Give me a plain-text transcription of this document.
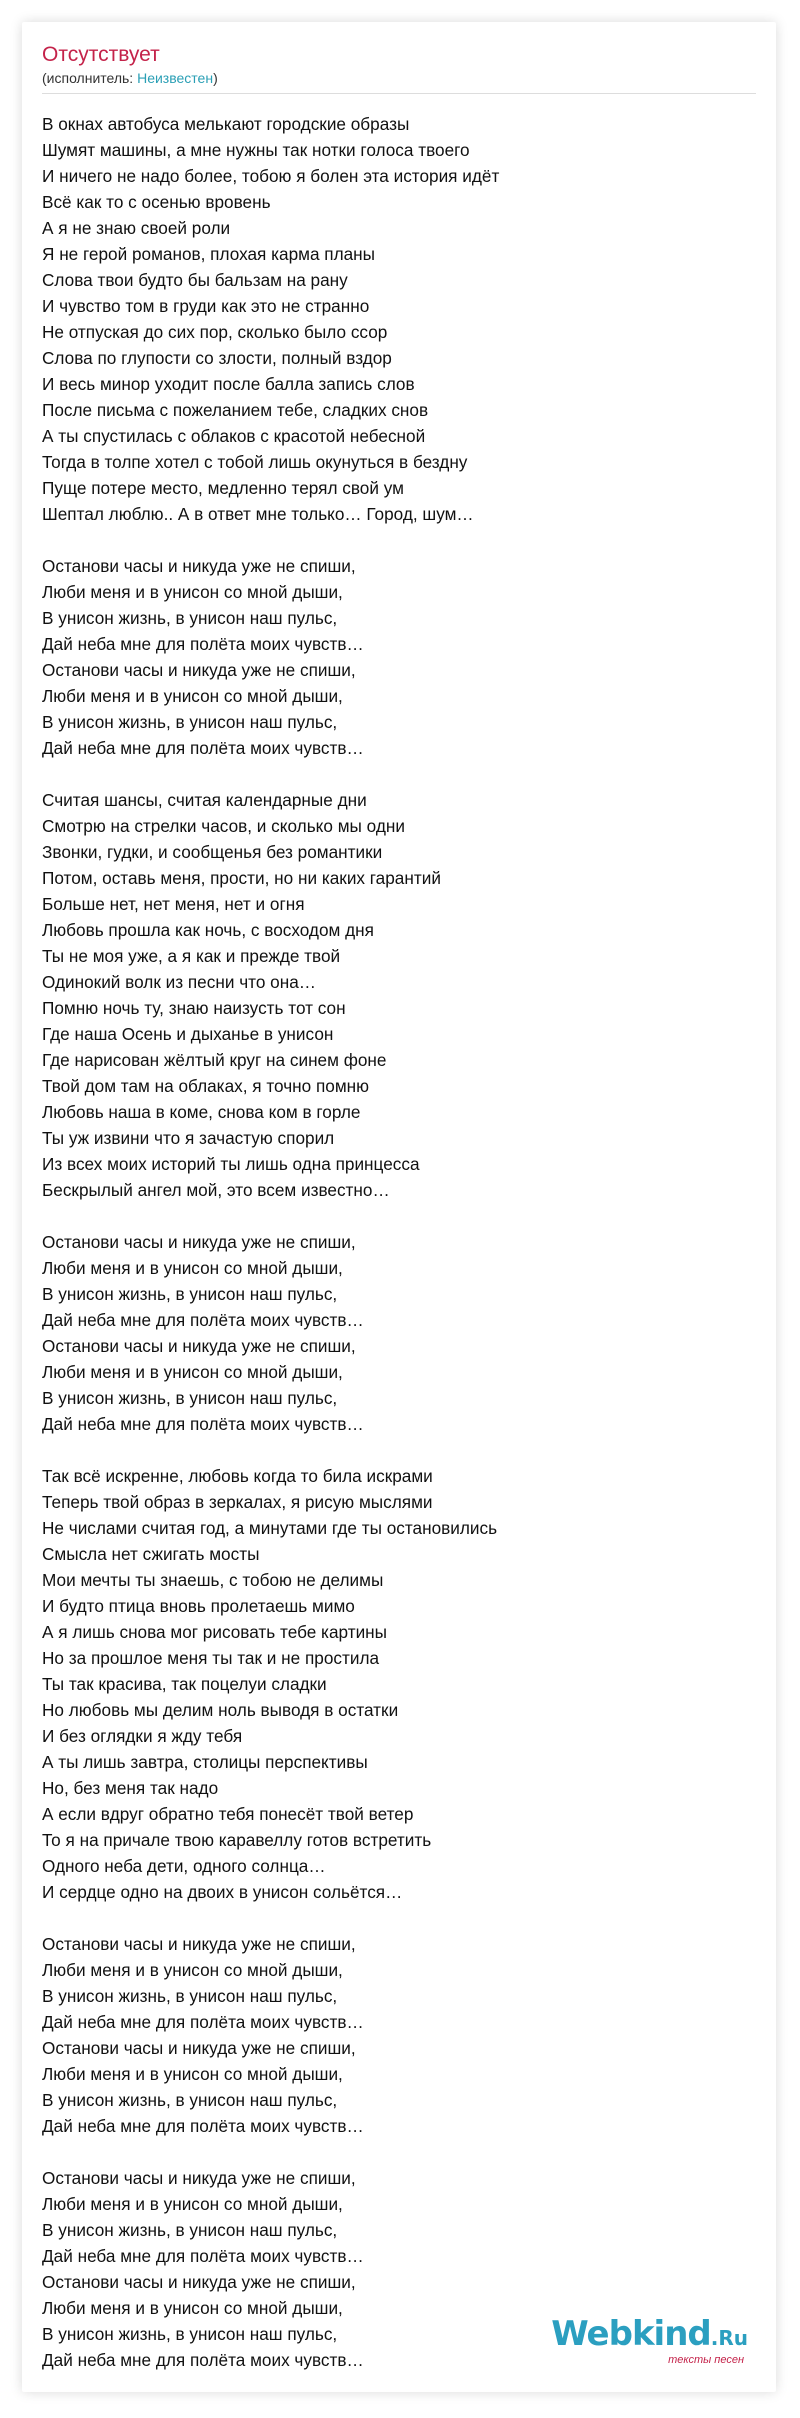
Отсутствует
(исполнитель: Неизвестен)
В окнах автобуса мелькают городские образы
Шумят машины, а мне нужны так нотки голоса твоего
И ничего не надо более, тобою я болен эта история идёт
Всё как то с осенью вровень
А я не знаю своей роли
Я не герой романов, плохая карма планы
Слова твои будто бы бальзам на рану
И чувство том в груди как это не странно
Не отпуская до сих пор, сколько было ссор
Слова по глупости со злости, полный вздор
И весь минор уходит после балла запись слов
После письма с пожеланием тебе, сладких снов
А ты спустилась с облаков с красотой небесной
Тогда в толпе хотел с тобой лишь окунуться в бездну
Пуще потере место, медленно терял свой ум
Шептал люблю.. А в ответ мне только… Город, шум…
Останови часы и никуда уже не спиши,
Люби меня и в унисон со мной дыши,
В унисон жизнь, в унисон наш пульс,
Дай неба мне для полёта моих чувств…
Останови часы и никуда уже не спиши,
Люби меня и в унисон со мной дыши,
В унисон жизнь, в унисон наш пульс,
Дай неба мне для полёта моих чувств…
Считая шансы, считая календарные дни
Смотрю на стрелки часов, и сколько мы одни
Звонки, гудки, и сообщенья без романтики
Потом, оставь меня, прости, но ни каких гарантий
Больше нет, нет меня, нет и огня
Любовь прошла как ночь, с восходом дня
Ты не моя уже, а я как и прежде твой
Одинокий волк из песни что она…
Помню ночь ту, знаю наизусть тот сон
Где наша Осень и дыханье в унисон
Где нарисован жёлтый круг на синем фоне
Твой дом там на облаках, я точно помню
Любовь наша в коме, снова ком в горле
Ты уж извини что я зачастую спорил
Из всех моих историй ты лишь одна принцесса
Бескрылый ангел мой, это всем известно…
Останови часы и никуда уже не спиши,
Люби меня и в унисон со мной дыши,
В унисон жизнь, в унисон наш пульс,
Дай неба мне для полёта моих чувств…
Останови часы и никуда уже не спиши,
Люби меня и в унисон со мной дыши,
В унисон жизнь, в унисон наш пульс,
Дай неба мне для полёта моих чувств…
Так всё искренне, любовь когда то била искрами
Теперь твой образ в зеркалах, я рисую мыслями
Не числами считая год, а минутами где ты остановились
Смысла нет сжигать мосты
Мои мечты ты знаешь, с тобою не делимы
И будто птица вновь пролетаешь мимо
А я лишь снова мог рисовать тебе картины
Но за прошлое меня ты так и не простила
Ты так красива, так поцелуи сладки
Но любовь мы делим ноль выводя в остатки
И без оглядки я жду тебя
А ты лишь завтра, столицы перспективы
Но, без меня так надо
А если вдруг обратно тебя понесёт твой ветер
То я на причале твою каравеллу готов встретить
Одного неба дети, одного солнца…
И сердце одно на двоих в унисон сольётся…
Останови часы и никуда уже не спиши,
Люби меня и в унисон со мной дыши,
В унисон жизнь, в унисон наш пульс,
Дай неба мне для полёта моих чувств…
Останови часы и никуда уже не спиши,
Люби меня и в унисон со мной дыши,
В унисон жизнь, в унисон наш пульс,
Дай неба мне для полёта моих чувств…
Останови часы и никуда уже не спиши,
Люби меня и в унисон со мной дыши,
В унисон жизнь, в унисон наш пульс,
Дай неба мне для полёта моих чувств…
Останови часы и никуда уже не спиши,
Люби меня и в унисон со мной дыши,
В унисон жизнь, в унисон наш пульс,
Дай неба мне для полёта моих чувств…
Webkind.Ru
тексты песен
